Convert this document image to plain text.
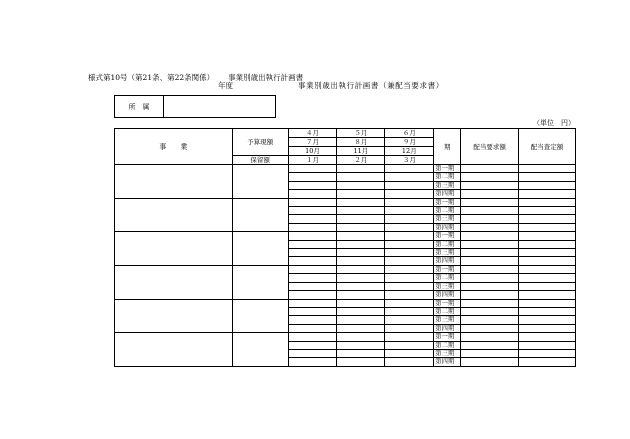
様式第10号（第21条、第22条関係） 事業別歳出執行計画書
年度	事業別歳出執行計画書（兼配当要求書）
所　属	
（単位　円）
事　　業	予算現額	４月	５月	６月	期	配当要求額	配当査定額
		７月	８月	９月			
		10月	11月	12月			
	保留額	１月	２月	３月			
					第一期		
					第二期		
					第三期		
					第四期		
					第一期		
					第二期		
					第三期		
					第四期		
					第一期		
					第二期		
					第三期		
					第四期		
					第一期		
					第二期		
					第三期		
					第四期		
					第一期		
					第二期		
					第三期		
					第四期		
					第一期		
					第二期		
					第三期		
					第四期		
